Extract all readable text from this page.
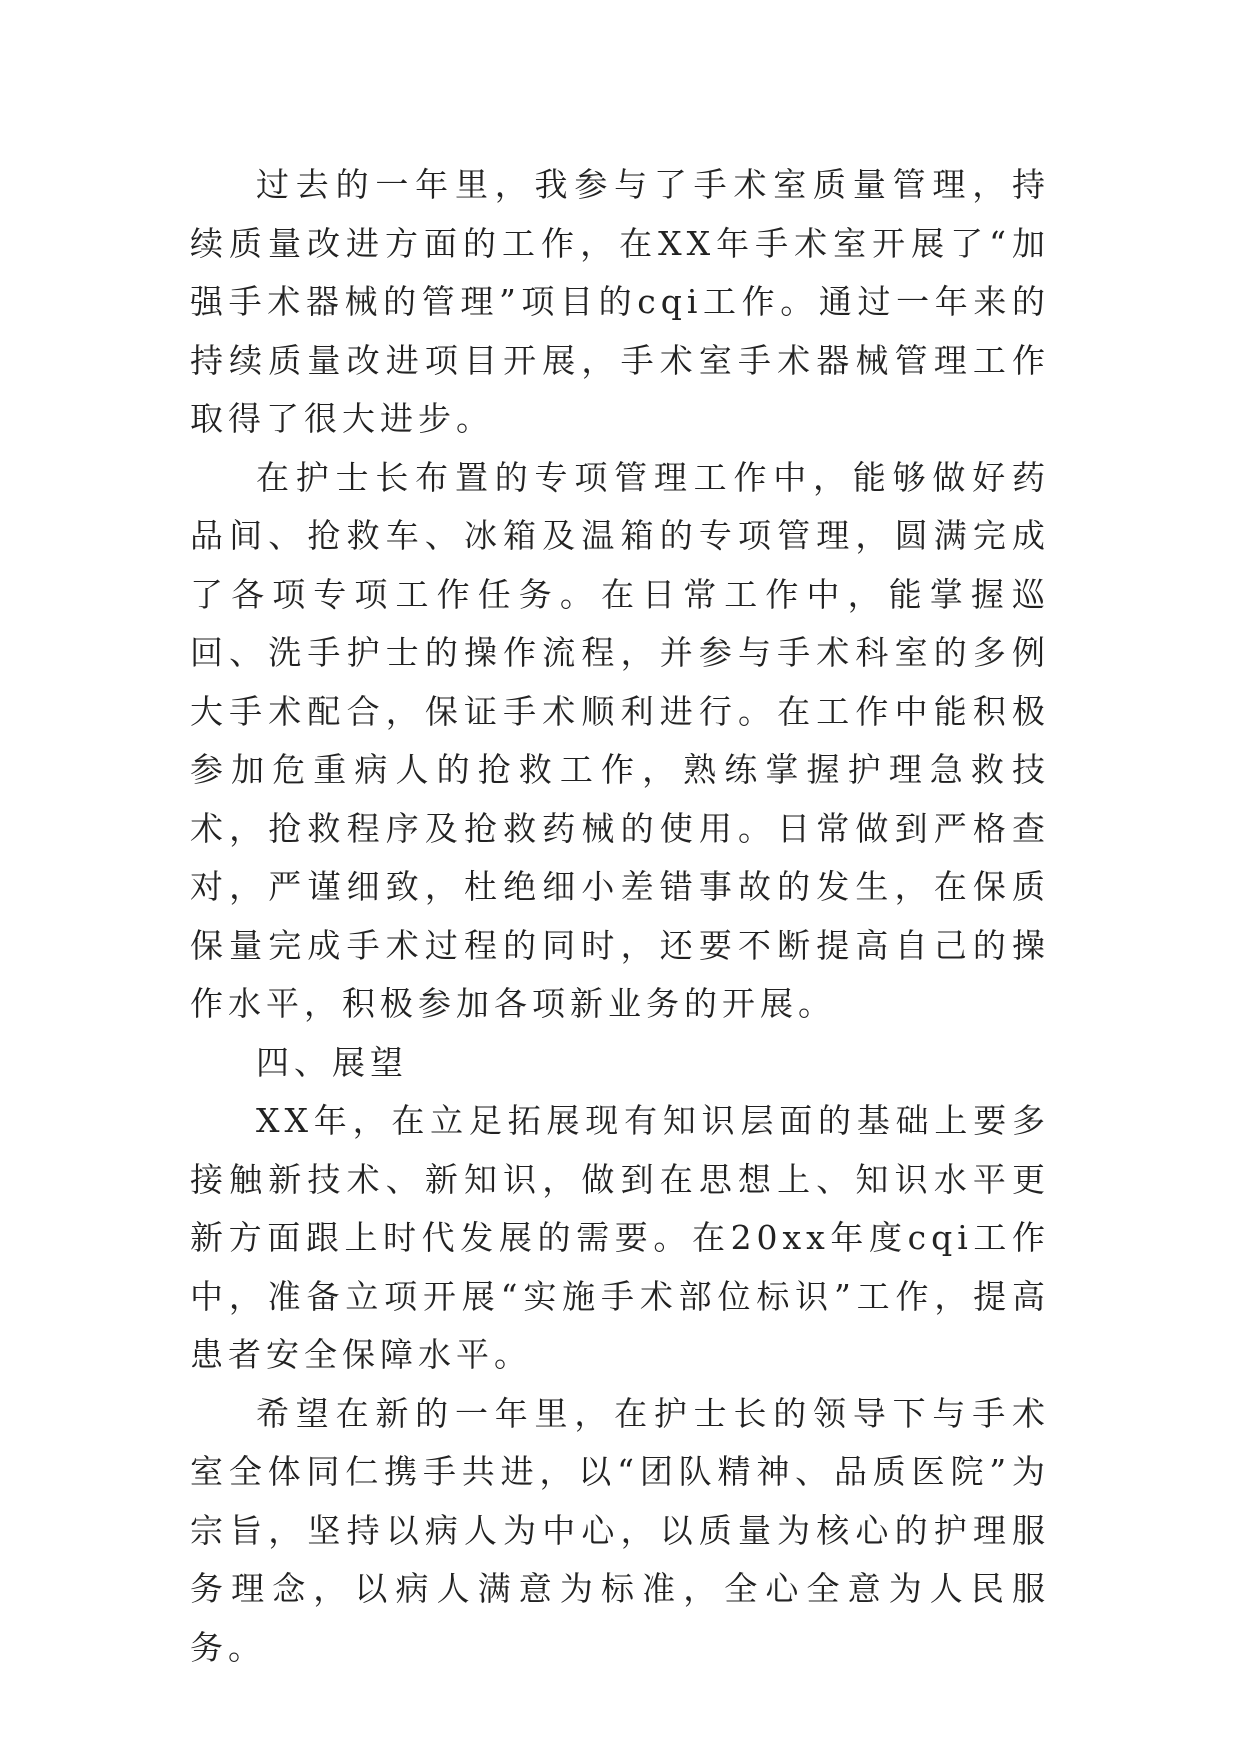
过去的一年里，我参与了手术室质量管理，持续质量改进方面的工作，在XX年手术室开展了“加强手术器械的管理”项目的cqi工作。通过一年来的持续质量改进项目开展，手术室手术器械管理工作取得了很大进步。

在护士长布置的专项管理工作中，能够做好药品间、抢救车、冰箱及温箱的专项管理，圆满完成了各项专项工作任务。在日常工作中，能掌握巡回、洗手护士的操作流程，并参与手术科室的多例大手术配合，保证手术顺利进行。在工作中能积极参加危重病人的抢救工作，熟练掌握护理急救技术，抢救程序及抢救药械的使用。日常做到严格查对，严谨细致，杜绝细小差错事故的发生，在保质保量完成手术过程的同时，还要不断提高自己的操作水平，积极参加各项新业务的开展。

四、展望

XX年，在立足拓展现有知识层面的基础上要多接触新技术、新知识，做到在思想上、知识水平更新方面跟上时代发展的需要。在20xx年度cqi工作中，准备立项开展“实施手术部位标识”工作，提高患者安全保障水平。

希望在新的一年里，在护士长的领导下与手术室全体同仁携手共进，以“团队精神、品质医院”为宗旨，坚持以病人为中心，以质量为核心的护理服务理念，以病人满意为标准，全心全意为人民服务。
